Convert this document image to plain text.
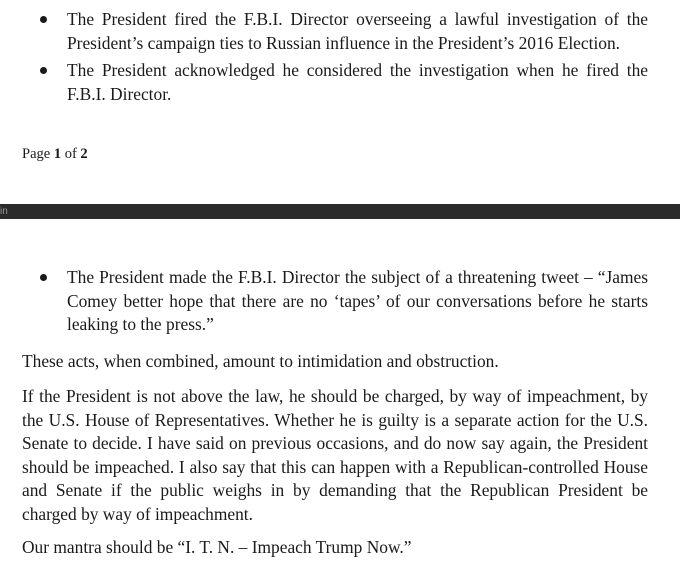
The President fired the F.B.I. Director overseeing a lawful investigation of the President’s campaign ties to Russian influence in the President’s 2016 Election.
The President acknowledged he considered the investigation when he fired the F.B.I. Director.
Page 1 of 2
in
The President made the F.B.I. Director the subject of a threatening tweet – “James Comey better hope that there are no ‘tapes’ of our conversations before he starts leaking to the press.”

These acts, when combined, amount to intimidation and obstruction.

If the President is not above the law, he should be charged, by way of impeachment, by the U.S. House of Representatives. Whether he is guilty is a separate action for the U.S. Senate to decide. I have said on previous occasions, and do now say again, the President should be impeached. I also say that this can happen with a Republican-controlled House and Senate if the public weighs in by demanding that the Republican President be charged by way of impeachment.

Our mantra should be “I. T. N. – Impeach Trump Now.”
